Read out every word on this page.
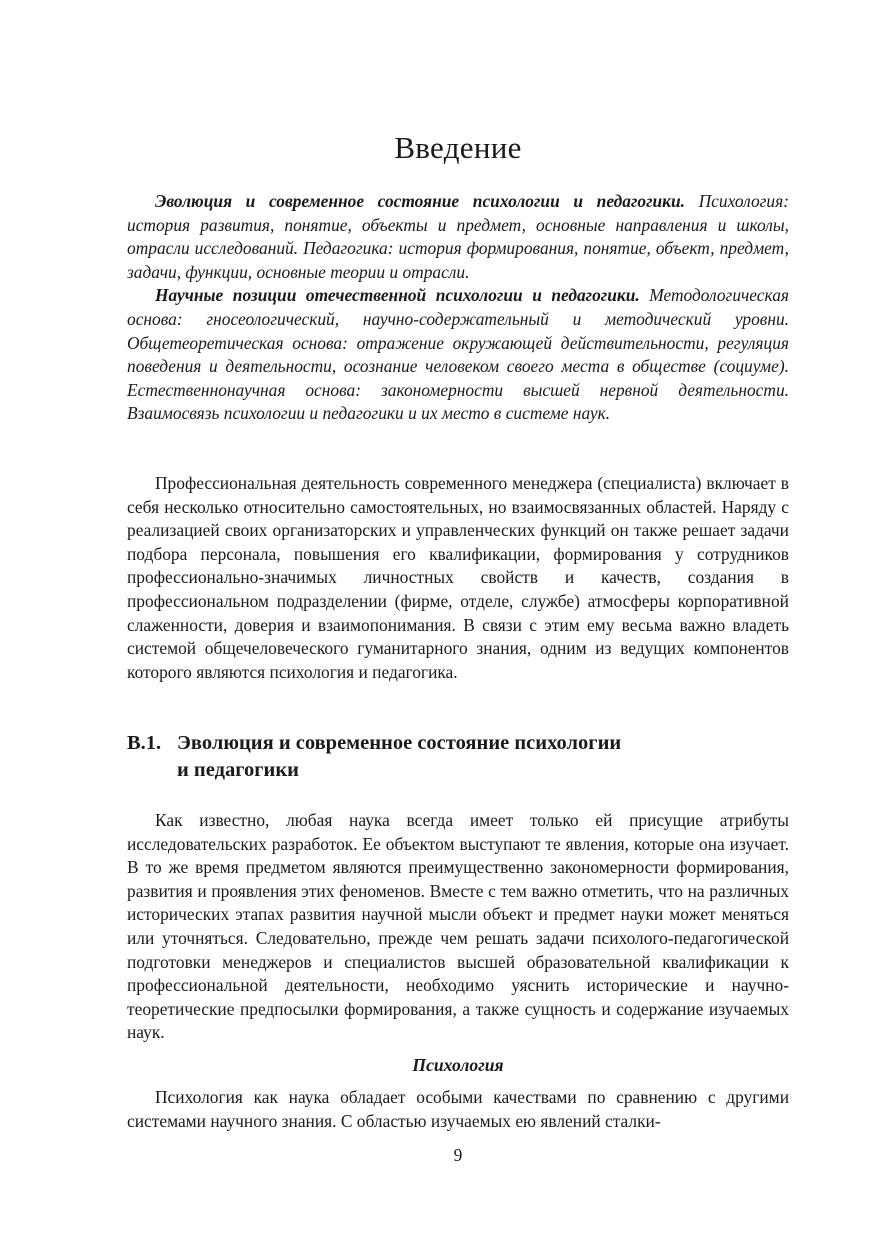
Введение

Эволюция и современное состояние психологии и педагогики. Психология: история развития, понятие, объекты и предмет, основные направления и школы, отрасли исследований. Педагогика: история формирования, понятие, объект, предмет, задачи, функции, основные теории и отрасли.

Научные позиции отечественной психологии и педагогики. Методологическая основа: гносеологический, научно-содержательный и методический уровни. Общетеоретическая основа: отражение окружающей действительности, регуляция поведения и деятельности, осознание человеком своего места в обществе (социуме). Естественнонаучная основа: закономерности высшей нервной деятельности. Взаимосвязь психологии и педагогики и их место в системе наук.

Профессиональная деятельность современного менеджера (специалиста) включает в себя несколько относительно самостоятельных, но взаимосвязанных областей. Наряду с реализацией своих организаторских и управленческих функций он также решает задачи подбора персонала, повышения его квалификации, формирования у сотрудников профессионально-значимых личностных свойств и качеств, создания в профессиональном подразделении (фирме, отделе, службе) атмосферы корпоративной слаженности, доверия и взаимопонимания. В связи с этим ему весьма важно владеть системой общечеловеческого гуманитарного знания, одним из ведущих компонентов которого являются психология и педагогика.

В.1. Эволюция и современное состояние психологии
и педагогики

Как известно, любая наука всегда имеет только ей присущие атрибуты исследовательских разработок. Ее объектом выступают те явления, которые она изучает. В то же время предметом являются преимущественно закономерности формирования, развития и проявления этих феноменов. Вместе с тем важно отметить, что на различных исторических этапах развития научной мысли объект и предмет науки может меняться или уточняться. Следовательно, прежде чем решать задачи психолого-педагогической подготовки менеджеров и специалистов высшей образовательной квалификации к профессиональной деятельности, необходимо уяснить исторические и научно-теоретические предпосылки формирования, а также сущность и содержание изучаемых наук.

Психология

Психология как наука обладает особыми качествами по сравнению с другими системами научного знания. С областью изучаемых ею явлений сталки-

9
